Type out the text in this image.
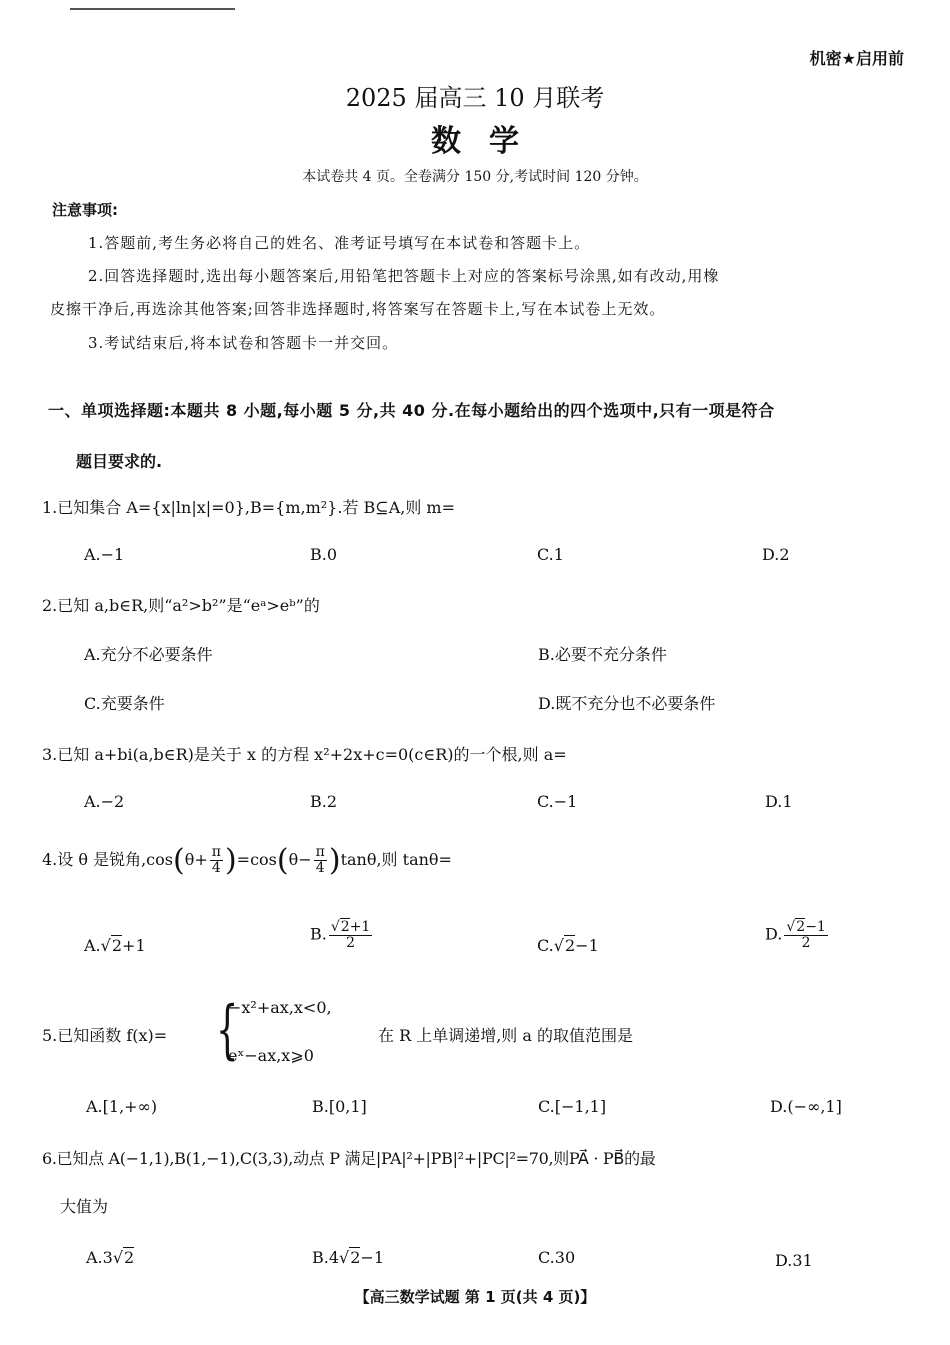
机密★启用前
2025 届高三 10 月联考
数学
本试卷共 4 页。全卷满分 150 分,考试时间 120 分钟。
注意事项:
1.答题前,考生务必将自己的姓名、准考证号填写在本试卷和答题卡上。
2.回答选择题时,选出每小题答案后,用铅笔把答题卡上对应的答案标号涂黑,如有改动,用橡
皮擦干净后,再选涂其他答案;回答非选择题时,将答案写在答题卡上,写在本试卷上无效。
3.考试结束后,将本试卷和答题卡一并交回。
一、单项选择题:本题共 8 小题,每小题 5 分,共 40 分.在每小题给出的四个选项中,只有一项是符合
题目要求的.
1.已知集合 A={x|ln|x|=0},B={m,m²}.若 B⊆A,则 m=
A.−1	B.0	C.1	D.2
2.已知 a,b∈R,则“a²>b²”是“eᵃ>eᵇ”的
A.充分不必要条件	B.必要不充分条件
C.充要条件	D.既不充分也不必要条件
3.已知 a+bi(a,b∈R)是关于 x 的方程 x²+2x+c=0(c∈R)的一个根,则 a=
A.−2	B.2	C.−1	D.1
4.设 θ 是锐角$,\cos(\theta+ \frac{\pi}{4} )=\cos(\theta- \frac{\pi}{4} )\tan\theta$,则 tanθ=
A.√2+1
B. $\frac{√2+1}{2}$	C.√2−1
D. $\frac{√2-1}{2}$
5.已知函数 f(x)= {
−x²+ax,x<0,
eˣ−ax,x⩾0
在 R 上单调递增,则 a 的取值范围是
A.[1,+∞)	B.[0,1]	C.[−1,1]	D.(−∞,1]
6.已知点 A(−1,1),B(1,−1),C(3,3),动点 P 满足|PA|²+|PB|²+|PC|²=70,则PA⃗ · PB⃗的最
大值为
A.3√2	B.4√2−1	C.30	D.31
【高三数学试题 第 1 页(共 4 页)】
